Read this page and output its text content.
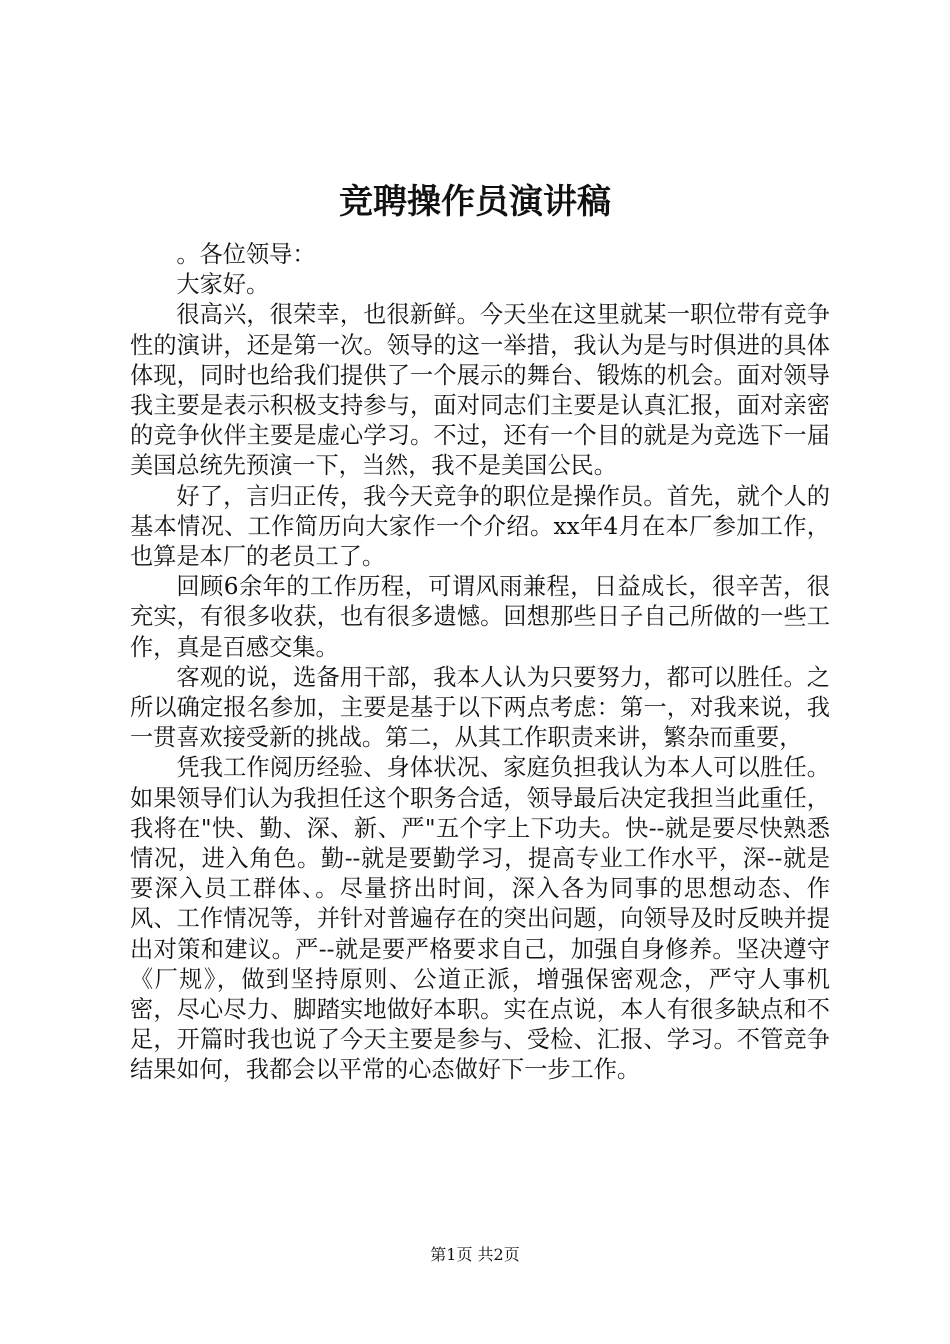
竞聘操作员演讲稿

。各位领导：

大家好。

很高兴，很荣幸，也很新鲜。今天坐在这里就某一职位带有竞争性的演讲，还是第一次。领导的这一举措，我认为是与时俱进的具体体现，同时也给我们提供了一个展示的舞台、锻炼的机会。面对领导我主要是表示积极支持参与，面对同志们主要是认真汇报，面对亲密的竞争伙伴主要是虚心学习。不过，还有一个目的就是为竞选下一届美国总统先预演一下，当然，我不是美国公民。

好了，言归正传，我今天竞争的职位是操作员。首先，就个人的基本情况、工作简历向大家作一个介绍。xx年4月在本厂参加工作，也算是本厂的老员工了。

回顾6余年的工作历程，可谓风雨兼程，日益成长，很辛苦，很充实，有很多收获，也有很多遗憾。回想那些日子自己所做的一些工作，真是百感交集。

客观的说，选备用干部，我本人认为只要努力，都可以胜任。之所以确定报名参加，主要是基于以下两点考虑：第一，对我来说，我一贯喜欢接受新的挑战。第二，从其工作职责来讲，繁杂而重要，

凭我工作阅历经验、身体状况、家庭负担我认为本人可以胜任。如果领导们认为我担任这个职务合适，领导最后决定我担当此重任，我将在"快、勤、深、新、严"五个字上下功夫。快--就是要尽快熟悉情况，进入角色。勤--就是要勤学习，提高专业工作水平，深--就是要深入员工群体、。尽量挤出时间，深入各为同事的思想动态、作风、工作情况等，并针对普遍存在的突出问题，向领导及时反映并提出对策和建议。严--就是要严格要求自己，加强自身修养。坚决遵守《厂规》，做到坚持原则、公道正派，增强保密观念，严守人事机密，尽心尽力、脚踏实地做好本职。实在点说，本人有很多缺点和不足，开篇时我也说了今天主要是参与、受检、汇报、学习。不管竞争结果如何，我都会以平常的心态做好下一步工作。

第1页 共2页
